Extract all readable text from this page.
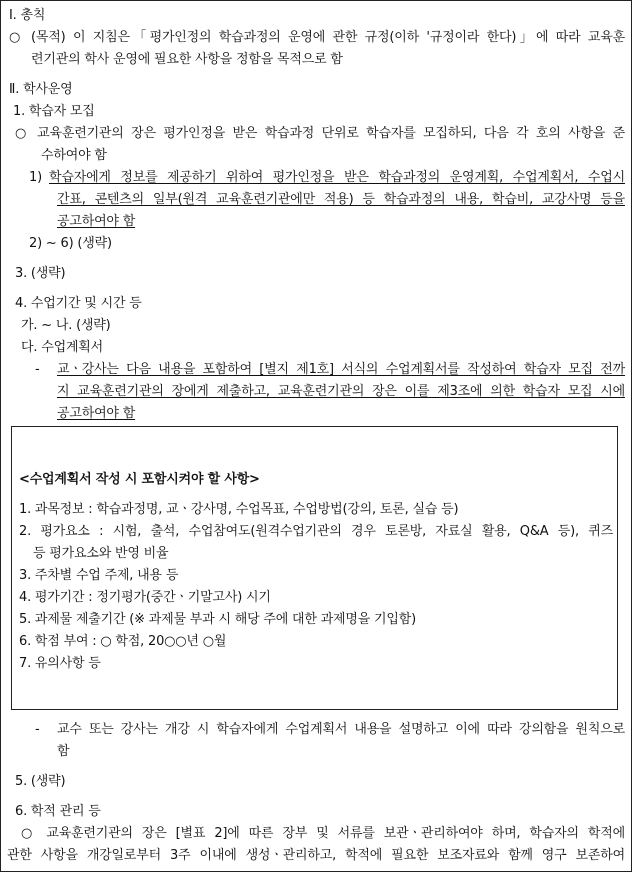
Ⅰ. 총칙
○ (목적) 이 지침은「평가인정의 학습과정의 운영에 관한 규정(이하 '규정이라 한다)」에 따라 교육훈
련기관의 학사 운영에 필요한 사항을 정함을 목적으로 함
Ⅱ. 학사운영
1. 학습자 모집
○ 교육훈련기관의 장은 평가인정을 받은 학습과정 단위로 학습자를 모집하되, 다음 각 호의 사항을 준
수하여야 함
1) 학습자에게 정보를 제공하기 위하여 평가인정을 받은 학습과정의 운영계획, 수업계획서, 수업시
간표, 콘텐츠의 일부(원격 교육훈련기관에만 적용) 등 학습과정의 내용, 학습비, 교강사명 등을
공고하여야 함
2) ~ 6) (생략)
3. (생략)
4. 수업기간 및 시간 등
가. ~ 나. (생략)
다. 수업계획서
- 교ㆍ강사는 다음 내용을 포함하여 [별지 제1호] 서식의 수업계획서를 작성하여 학습자 모집 전까
지 교육훈련기관의 장에게 제출하고, 교육훈련기관의 장은 이를 제3조에 의한 학습자 모집 시에
공고하여야 함
<수업계획서 작성 시 포함시켜야 할 사항>
1. 과목정보 : 학습과정명, 교ㆍ강사명, 수업목표, 수업방법(강의, 토론, 실습 등)
2. 평가요소 : 시험, 출석, 수업참여도(원격수업기관의 경우 토론방, 자료실 활용, Q&A 등), 퀴즈
등 평가요소와 반영 비율
3. 주차별 수업 주제, 내용 등
4. 평가기간 : 정기평가(중간ㆍ기말고사) 시기
5. 과제물 제출기간 (※ 과제물 부과 시 해당 주에 대한 과제명을 기입함)
6. 학점 부여 : ○ 학점, 20○○년 ○월
7. 유의사항 등
- 교수 또는 강사는 개강 시 학습자에게 수업계획서 내용을 설명하고 이에 따라 강의함을 원칙으로
함
5. (생략)
6. 학적 관리 등
○ 교육훈련기관의 장은 [별표 2]에 따른 장부 및 서류를 보관ㆍ관리하여야 하며, 학습자의 학적에
관한 사항을 개강일로부터 3주 이내에 생성ㆍ관리하고, 학적에 필요한 보조자료와 함께 영구 보존하여
